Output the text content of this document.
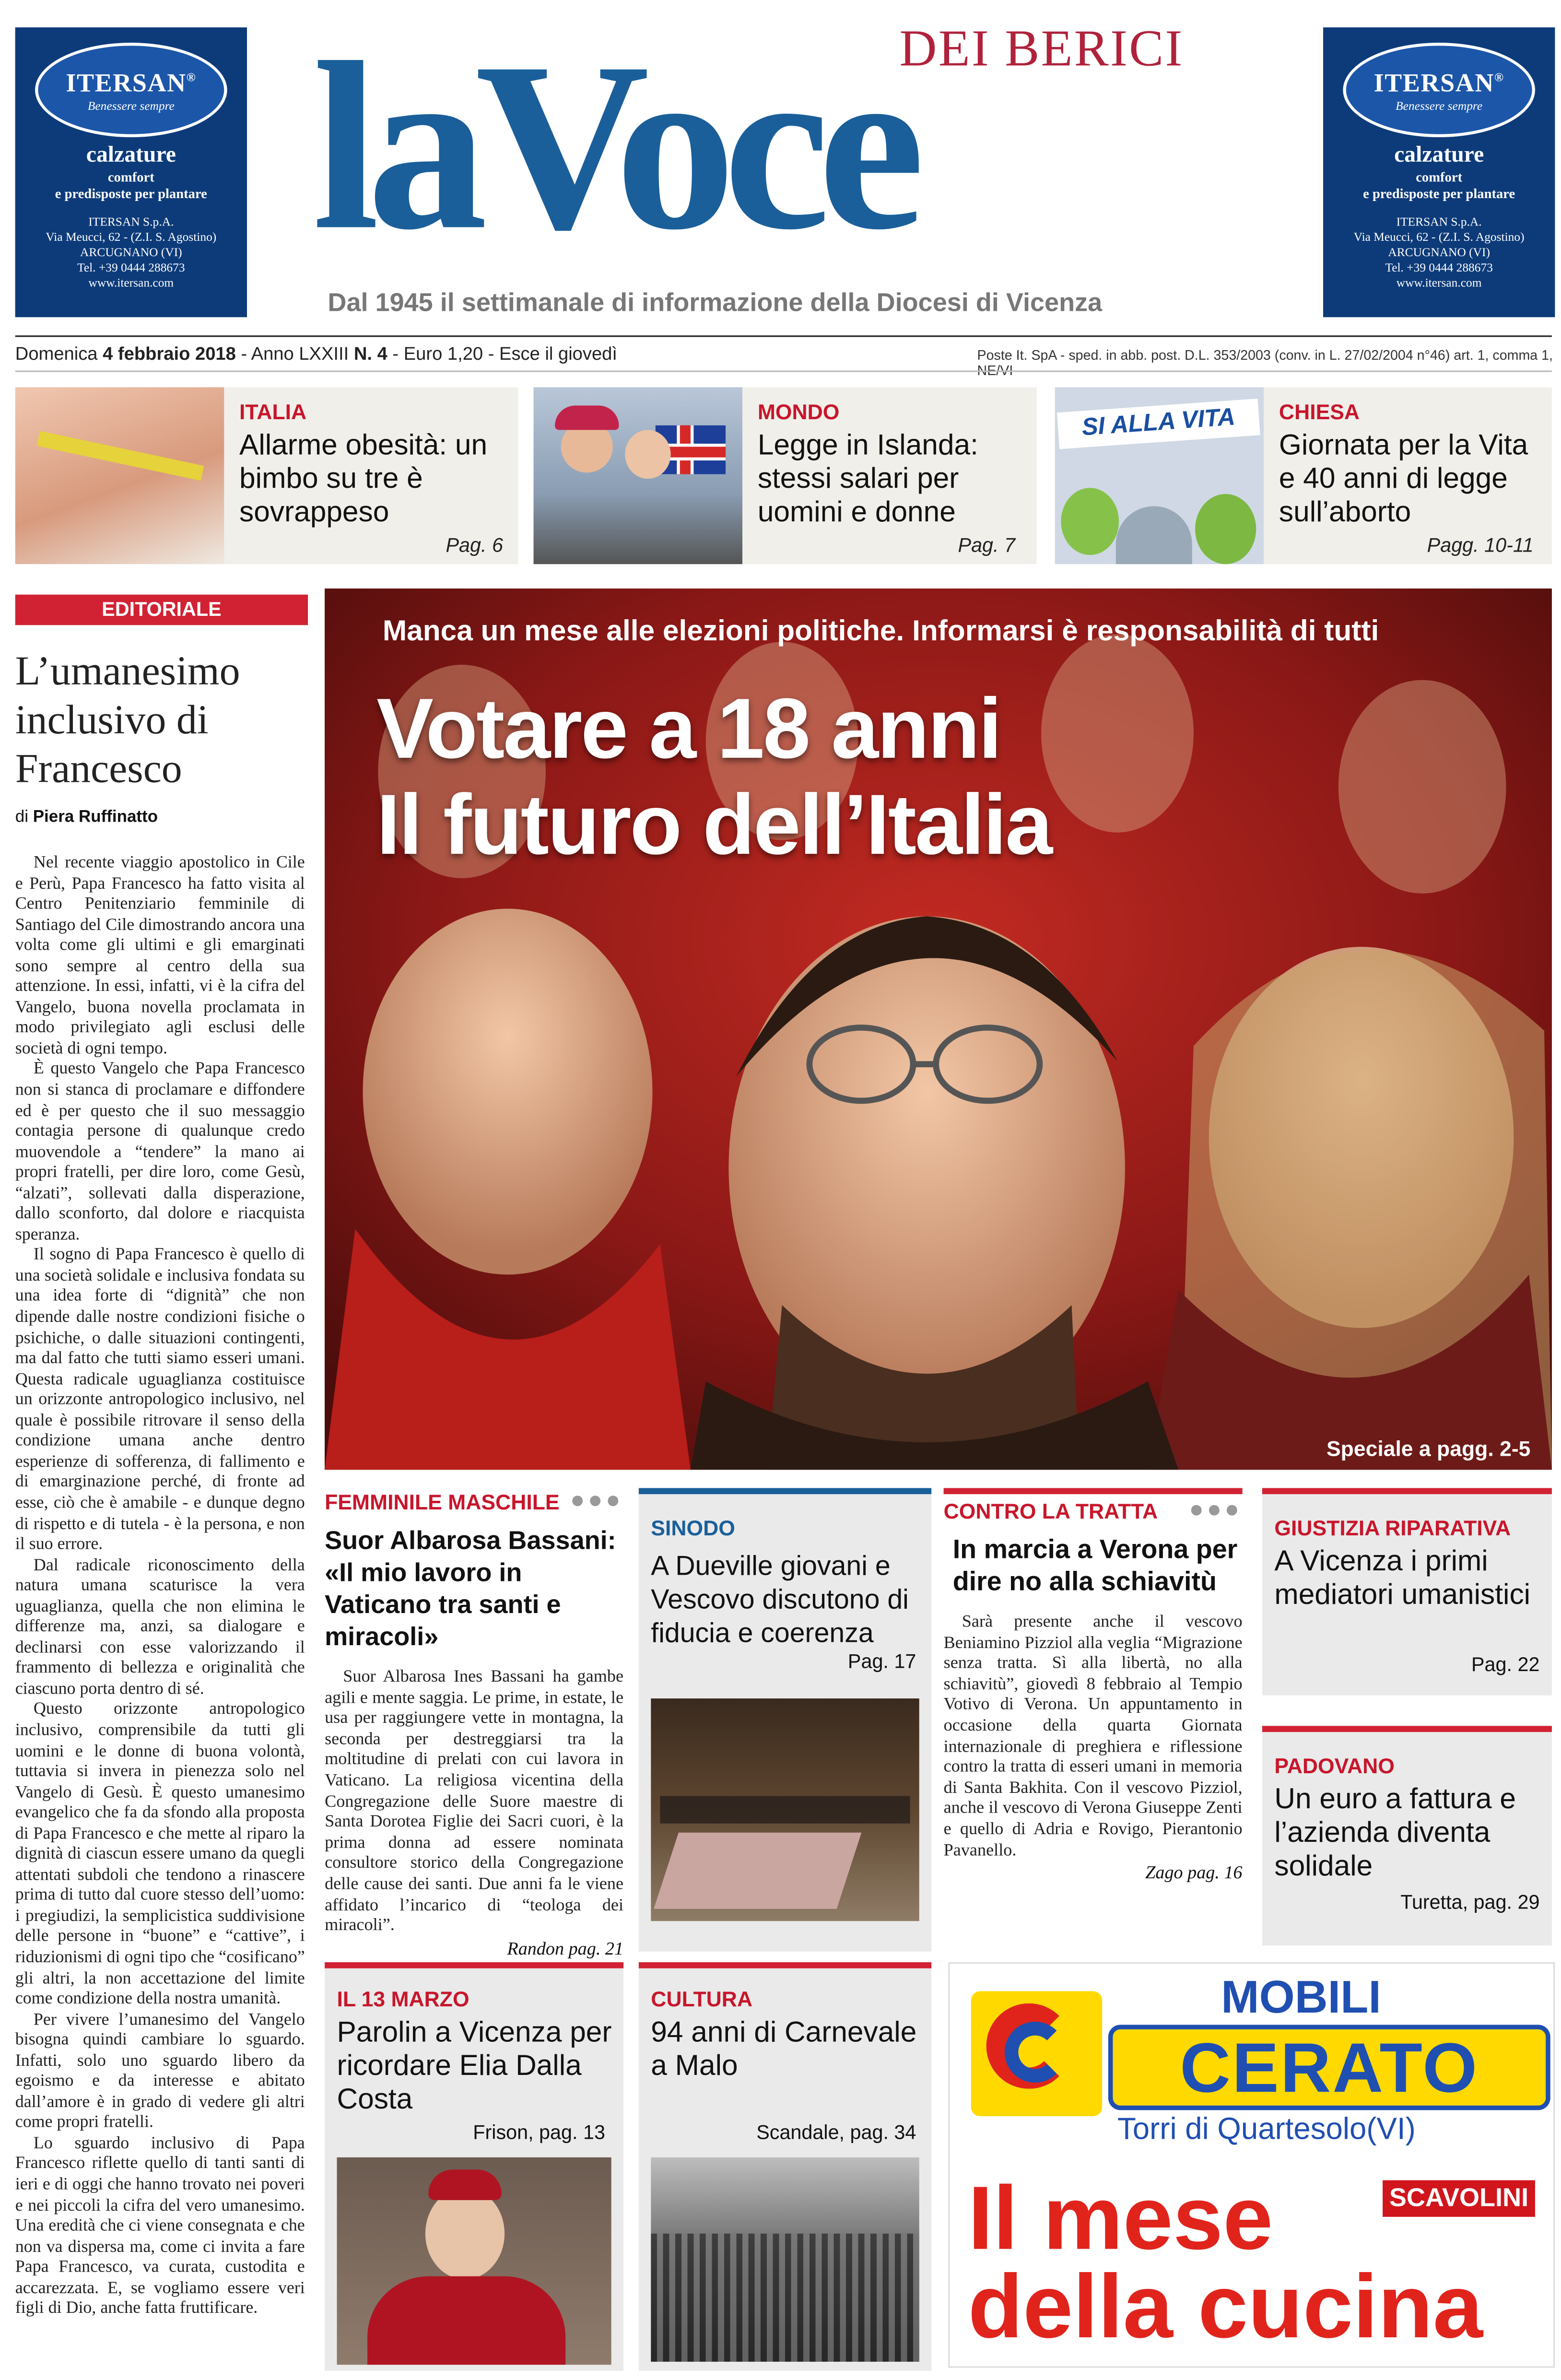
ITERSAN®
Benessere sempre
calzature
comfort
e predisposte per plantare
ITERSAN S.p.A.
Via Meucci, 62 - (Z.I. S. Agostino)
ARCUGNANO (VI)
Tel. +39 0444 288673
www.itersan.com
ITERSAN®
Benessere sempre
calzature
comfort
e predisposte per plantare
ITERSAN S.p.A.
Via Meucci, 62 - (Z.I. S. Agostino)
ARCUGNANO (VI)
Tel. +39 0444 288673
www.itersan.com
laVoce
DEI BERICI
Dal 1945 il settimanale di informazione della Diocesi di Vicenza
Domenica 4 febbraio 2018 - Anno LXXIII N. 4 - Euro 1,20 - Esce il giovedì	Poste It. SpA - sped. in abb. post. D.L. 353/2003 (conv. in L. 27/02/2004 n°46) art. 1, comma 1, NE/VI
ITALIA
Allarme obesità: un bimbo su tre è sovrappeso
Pag. 6
MONDO
Legge in Islanda: stessi salari per uomini e donne
Pag. 7
SI ALLA VITA	CHIESA
Giornata per la Vita e 40 anni di legge sull’aborto
Pagg. 10-11
EDITORIALE
L’umanesimo inclusivo di Francesco
di Piera Ruffinatto

Nel recente viaggio apostolico in Cile e Perù, Papa Francesco ha fatto visita al Centro Penitenziario femminile di Santiago del Cile dimostrando ancora una volta come gli ultimi e gli emarginati sono sempre al centro della sua attenzione. In essi, infatti, vi è la cifra del Vangelo, buona novella proclamata in modo privilegiato agli esclusi delle società di ogni tempo.

È questo Vangelo che Papa Francesco non si stanca di proclamare e diffondere ed è per questo che il suo messaggio contagia persone di qualunque credo muovendole a “tendere” la mano ai propri fratelli, per dire loro, come Gesù, “alzati”, sollevati dalla disperazione, dallo sconforto, dal dolore e riacquista speranza.

Il sogno di Papa Francesco è quello di una società solidale e inclusiva fondata su una idea forte di “dignità” che non dipende dalle nostre condizioni fisiche o psichiche, o dalle situazioni contingenti, ma dal fatto che tutti siamo esseri umani. Questa radicale uguaglianza costituisce un orizzonte antropologico inclusivo, nel quale è possibile ritrovare il senso della condizione umana anche dentro esperienze di sofferenza, di fallimento e di emarginazione perché, di fronte ad esse, ciò che è amabile - e dunque degno di rispetto e di tutela - è la persona, e non il suo errore.

Dal radicale riconoscimento della natura umana scaturisce la vera uguaglianza, quella che non elimina le differenze ma, anzi, sa dialogare e declinarsi con esse valorizzando il frammento di bellezza e originalità che ciascuno porta dentro di sé.

Questo orizzonte antropologico inclusivo, comprensibile da tutti gli uomini e le donne di buona volontà, tuttavia si invera in pienezza solo nel Vangelo di Gesù. È questo umanesimo evangelico che fa da sfondo alla proposta di Papa Francesco e che mette al riparo la dignità di ciascun essere umano da quegli attentati subdoli che tendono a rinascere prima di tutto dal cuore stesso dell’uomo: i pregiudizi, la semplicistica suddivisione delle persone in “buone” e “cattive”, i riduzionismi di ogni tipo che “cosificano” gli altri, la non accettazione del limite come condizione della nostra umanità.

Per vivere l’umanesimo del Vangelo bisogna quindi cambiare lo sguardo. Infatti, solo uno sguardo libero da egoismo e da interesse e abitato dall’amore è in grado di vedere gli altri come propri fratelli.

Lo sguardo inclusivo di Papa Francesco riflette quello di tanti santi di ieri e di oggi che hanno trovato nei poveri e nei piccoli la cifra del vero umanesimo. Una eredità che ci viene consegnata e che non va dispersa ma, come ci invita a fare Papa Francesco, va curata, custodita e accarezzata. E, se vogliamo essere veri figli di Dio, anche fatta fruttificare.

Manca un mese alle elezioni politiche. Informarsi è responsabilità di tutti
Votare a 18 anni
Il futuro dell’Italia
Speciale a pagg. 2-5
FEMMINILE MASCHILE ●●●
Suor Albarosa Bassani: «Il mio lavoro in Vaticano tra santi e miracoli»

Suor Albarosa Ines Bassani ha gambe agili e mente saggia. Le prime, in estate, le usa per raggiungere vette in montagna, la seconda per destreggiarsi tra la moltitudine di prelati con cui lavora in Vaticano. La religiosa vicentina della Congregazione delle Suore maestre di Santa Dorotea Figlie dei Sacri cuori, è la prima donna ad essere nominata consultore storico della Congregazione delle cause dei santi. Due anni fa le viene affidato l’incarico di “teologa dei miracoli”.

Randon pag. 21
SINODO
A Dueville giovani e Vescovo discutono di fiducia e coerenza
Pag. 17
CONTRO LA TRATTA	●●●
In marcia a Verona per dire no alla schiavitù

Sarà presente anche il vescovo Beniamino Pizziol alla veglia “Migrazione senza tratta. Sì alla libertà, no alla schiavitù”, giovedì 8 febbraio al Tempio Votivo di Verona. Un appuntamento in occasione della quarta Giornata internazionale di preghiera e riflessione contro la tratta di esseri umani in memoria di Santa Bakhita. Con il vescovo Pizziol, anche il vescovo di Verona Giuseppe Zenti e quello di Adria e Rovigo, Pierantonio Pavanello.

Zago pag. 16
GIUSTIZIA RIPARATIVA
A Vicenza i primi mediatori umanistici
Pag. 22
PADOVANO
Un euro a fattura e l’azienda diventa solidale
Turetta, pag. 29
IL 13 MARZO
Parolin a Vicenza per ricordare Elia Dalla Costa
Frison, pag. 13
CULTURA
94 anni di Carnevale a Malo
Scandale, pag. 34
MOBILI
CERATO
Torri di Quartesolo(VI)
Il mese
della cucina
SCAVOLINI
